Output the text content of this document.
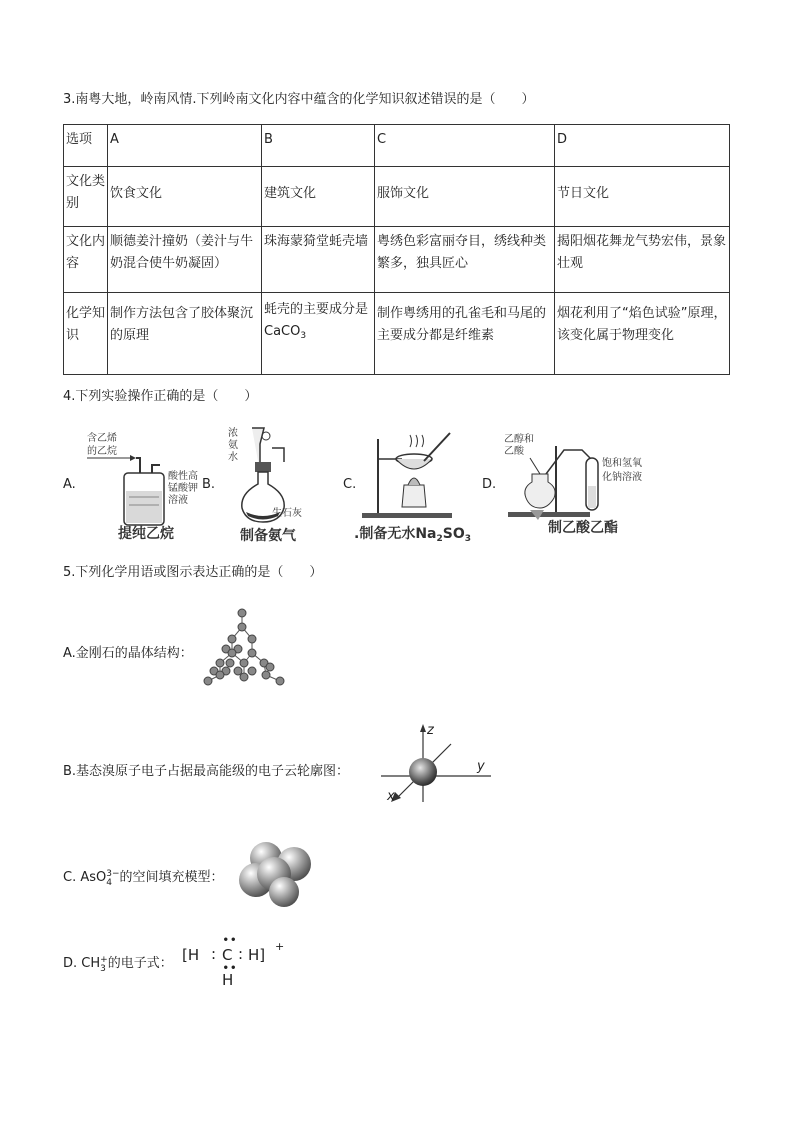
3.南粤大地，岭南风情.下列岭南文化内容中蕴含的化学知识叙述错误的是（　　）
选项	A	B	C	D
文化类别	饮食文化	建筑文化	服饰文化	节日文化
文化内容	顺德姜汁撞奶（姜汁与牛奶混合使牛奶凝固）	珠海蒙猗堂蚝壳墙	粤绣色彩富丽夺目，绣线种类繁多，独具匠心	揭阳烟花舞龙气势宏伟，景象壮观
化学知识	制作方法包含了胶体聚沉的原理	蚝壳的主要成分是CaCO$_3$	制作粤绣用的孔雀毛和马尾的主要成分都是纤维素	烟花利用了“焰色试验”原理，该变化属于物理变化
4.下列实验操作正确的是（　　）
A.
含乙烯
的乙烷
酸性高
锰酸钾
溶液
提纯乙烷
B.
浓
氨
水
生石灰
制备氨气
C.
.制备无水$Na_2SO_3$
D.
乙醇和
乙酸
饱和氢氧
化钠溶液
制乙酸乙酯
5.下列化学用语或图示表达正确的是（　　）
A.金刚石的晶体结构：
B.基态溴原子电子占据最高能级的电子云轮廓图：
z
y
x
C. AsO 3−
4 的空间填充模型：
D. CH +
3 的电子式： [H : C : H] +
∙∙
∙∙
H
